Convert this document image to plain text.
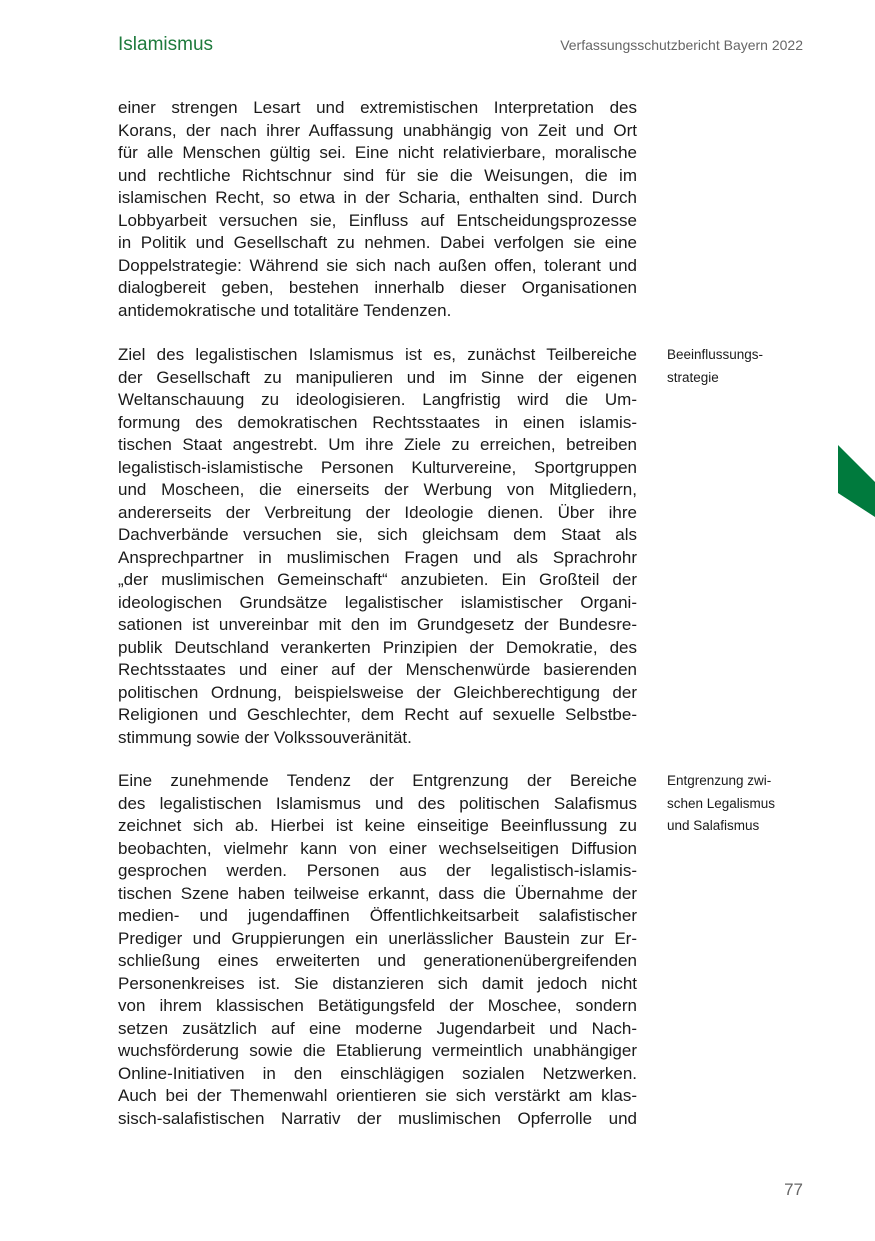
Islamismus	Verfassungsschutzbericht Bayern 2022
einer strengen Lesart und extremistischen Interpretation des
Korans, der nach ihrer Auffassung unabhängig von Zeit und Ort
für alle Menschen gültig sei. Eine nicht relativierbare, moralische
und rechtliche Richtschnur sind für sie die Weisungen, die im
islamischen Recht, so etwa in der Scharia, enthalten sind. Durch
Lobbyarbeit versuchen sie, Einfluss auf Entscheidungsprozesse
in Politik und Gesellschaft zu nehmen. Dabei verfolgen sie eine
Doppelstrategie: Während sie sich nach außen offen, tolerant und
dialogbereit geben, bestehen innerhalb dieser Organisationen
antidemokratische und totalitäre Tendenzen.
Ziel des legalistischen Islamismus ist es, zunächst Teilbereiche
der Gesellschaft zu manipulieren und im Sinne der eigenen
Weltanschauung zu ideologisieren. Langfristig wird die Um-
formung des demokratischen Rechtsstaates in einen islamis-
tischen Staat angestrebt. Um ihre Ziele zu erreichen, betreiben
legalistisch-islamistische Personen Kulturvereine, Sportgruppen
und Moscheen, die einerseits der Werbung von Mitgliedern,
andererseits der Verbreitung der Ideologie dienen. Über ihre
Dachverbände versuchen sie, sich gleichsam dem Staat als
Ansprechpartner in muslimischen Fragen und als Sprachrohr
„der muslimischen Gemeinschaft“ anzubieten. Ein Großteil der
ideologischen Grundsätze legalistischer islamistischer Organi-
sationen ist unvereinbar mit den im Grundgesetz der Bundesre-
publik Deutschland verankerten Prinzipien der Demokratie, des
Rechtsstaates und einer auf der Menschenwürde basierenden
politischen Ordnung, beispielsweise der Gleichberechtigung der
Religionen und Geschlechter, dem Recht auf sexuelle Selbstbe-
stimmung sowie der Volkssouveränität.
Eine zunehmende Tendenz der Entgrenzung der Bereiche
des legalistischen Islamismus und des politischen Salafismus
zeichnet sich ab. Hierbei ist keine einseitige Beeinflussung zu
beobachten, vielmehr kann von einer wechselseitigen Diffusion
gesprochen werden. Personen aus der legalistisch-islamis-
tischen Szene haben teilweise erkannt, dass die Übernahme der
medien- und jugendaffinen Öffentlichkeitsarbeit salafistischer
Prediger und Gruppierungen ein unerlässlicher Baustein zur Er-
schließung eines erweiterten und generationenübergreifenden
Personenkreises ist. Sie distanzieren sich damit jedoch nicht
von ihrem klassischen Betätigungsfeld der Moschee, sondern
setzen zusätzlich auf eine moderne Jugendarbeit und Nach-
wuchsförderung sowie die Etablierung vermeintlich unabhängiger
Online-Initiativen in den einschlägigen sozialen Netzwerken.
Auch bei der Themenwahl orientieren sie sich verstärkt am klas-
sisch-salafistischen Narrativ der muslimischen Opferrolle und
Beeinflussungs-
strategie
Entgrenzung zwi-
schen Legalismus
und Salafismus
77
